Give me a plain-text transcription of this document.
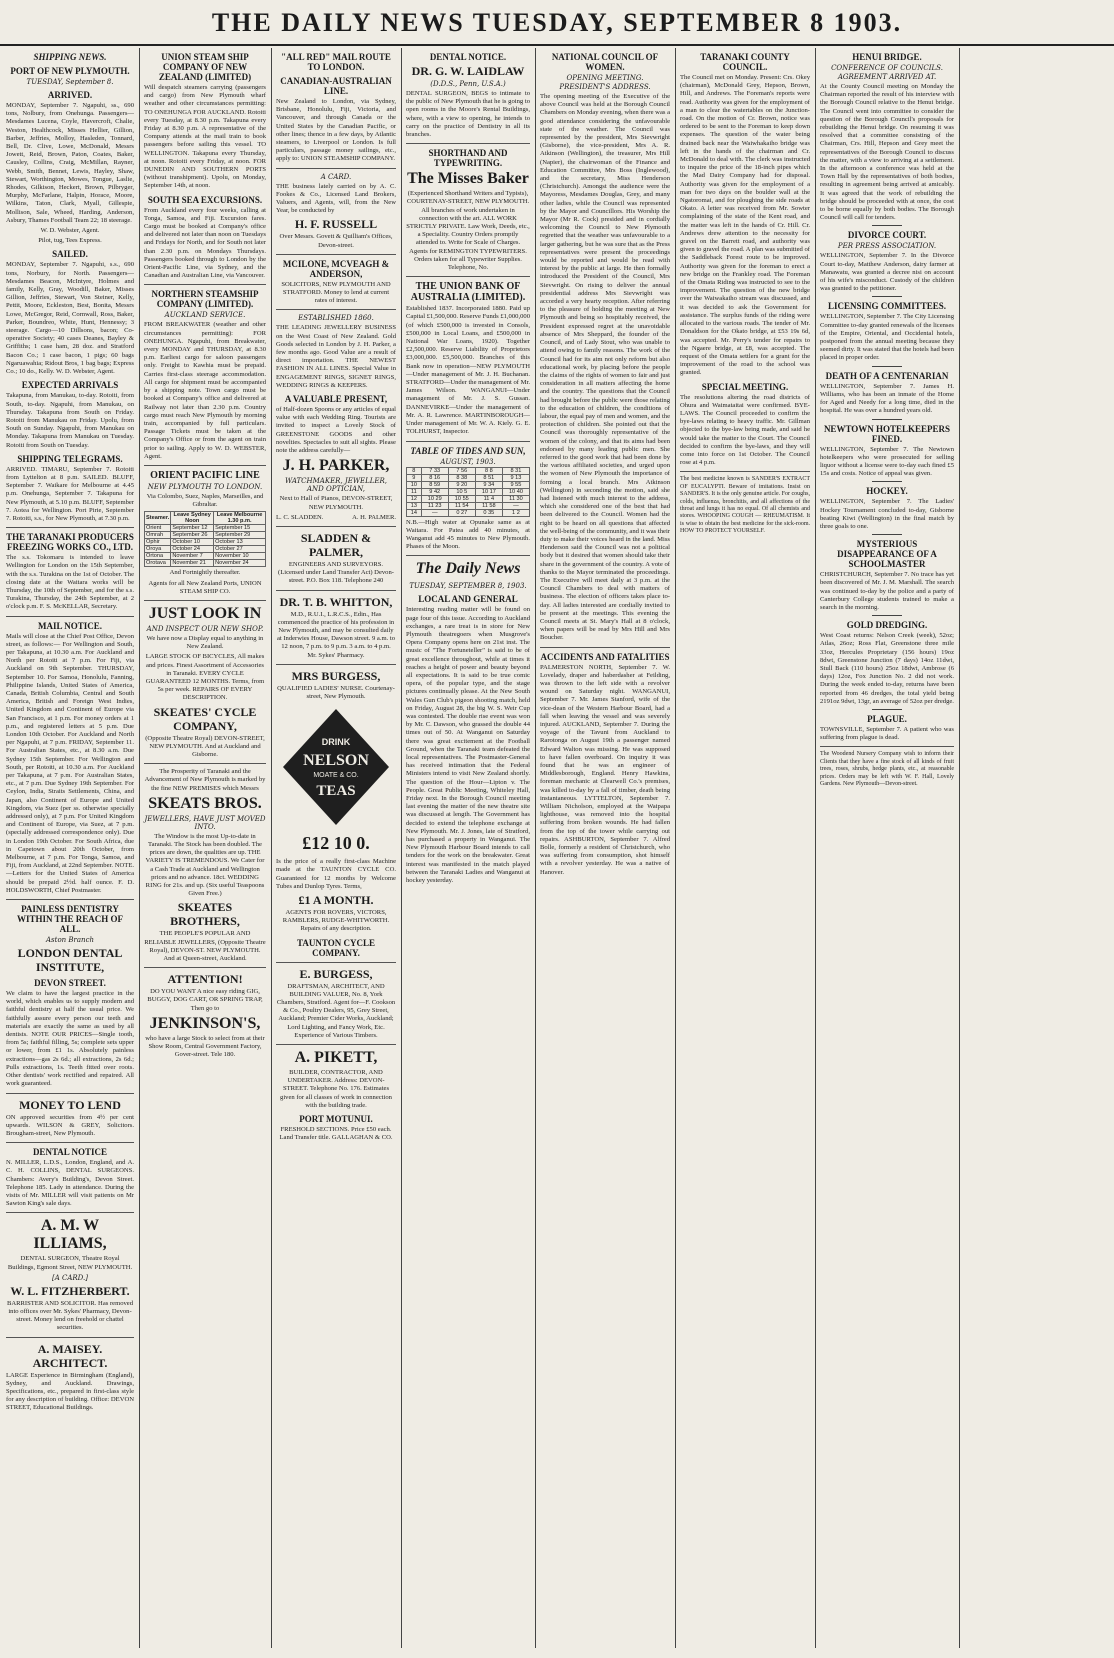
THE DAILY NEWS TUESDAY, SEPTEMBER 8 1903.
SHIPPING NEWS.
PORT OF NEW PLYMOUTH.
TUESDAY, September 8.
ARRIVED.
MONDAY, September 7. Ngapuhi, ss., 690 tons, Nolbury, from Onehunga. Passengers—Mesdames Lucena, Coyle, Havercroft, Chalie, Weston, Healthcock, Misses Hellier, Gillion, Barber, Jeffries, Molloy, Hasleden, Tonnard, Bell, Dr. Clive, Lowe, McDonald, Messrs Jowett, Reid, Brown, Paton, Coates, Baker, Causley, Collins, Craig, McMillan, Rayner, Webb, Smith, Bennet, Lewis, Hayley, Shaw, Stewart, Worthington, Mowes, Tongue, Laslie, Rhodes, Gilkison, Heckert, Brown, Pilbryger, Murphy, McFarlane, Halpin, Horace, Moore, Wilkins, Taton, Clark, Myall, Gillespie, Mollison, Sale, Wheed, Harding, Anderson, Asbury, Thames Football Team 22; 18 steerage.
W. D. Webster, Agent.
Pilot, tug, Tees Express.
SAILED.
MONDAY, September 7. Ngapuhi, s.s., 690 tons, Norbury, for North. Passengers—Mesdames Beacon, McIntyre, Holmes and family, Kelly, Gray, Woodill, Baker, Misses Gillion, Jeffries, Stewart, Von Steiner, Kelly, Pettit, Moore, Eckleston, Best, Bonita, Messrs Lowe, McGregor, Reid, Cornwall, Ross, Baker, Parker, Boundreo, White, Hunt, Hennessy; 3 steerage. Cargo—10 Dillsons, bacon; Co-operative Society; 40 cases Deanes, Bayley & Griffiths; 1 case ham, 28 doz. and Stratford Bacon Co.; 1 case bacon, 1 pigs; 60 bags Ngaruawahia; Ridout Bros, 1 bag bags; Express Co.; 10 do., Kelly. W. D. Webster, Agent.
EXPECTED ARRIVALS
Takapuna, from Manukau, to-day. Rotoiti, from South, to-day. Ngapuhi, from Manukau, on Thursday. Takapuna from South on Friday. Rotoiti from Manukau on Friday. Upolu, from South on Sunday. Ngapuhi, from Manukau on Monday. Takapuna from Manukau on Tuesday. Rotoiti from South on Tuesday.
SHIPPING TELEGRAMS.
ARRIVED. TIMARU, September 7. Rotoiti from Lyttelton at 8 p.m. SAILED. BLUFF, September 7. Waikare for Melbourne at 4.45 p.m. Onehunga, September 7. Takapuna for New Plymouth, at 5.10 p.m. BLUFF, September 7. Aotea for Wellington. Port Pirie, September 7. Rotoiti, s.s., for New Plymouth, at 7.30 p.m.
THE TARANAKI PRODUCERS FREEZING WORKS CO., LTD.
The s.s. Tokomaru is intended to leave Wellington for London on the 15th September, with the s.s. Turakina on the 1st of October. The closing date at the Waitara works will be Thursday, the 10th of September, and for the s.s. Turakina, Thursday, the 24th September, at 2 o'clock p.m. F. S. McKELLAR, Secretary.
MAIL NOTICE.
Mails will close at the Chief Post Office, Devon street, as follows:— For Wellington and South, per Takapuna, at 10.30 a.m. For Auckland and North per Rotoiti at 7 p.m. For Fiji, via Auckland on 9th September. THURSDAY, September 10. For Samoa, Honolulu, Fanning, Philippine Islands, United States of America, Canada, British Columbia, Central and South America, British and Foreign West Indies, United Kingdom and Continent of Europe via San Francisco, at 1 p.m. For money orders at 1 p.m., and registered letters at 5 p.m. Due London 10th October. For Auckland and North per Ngapuhi, at 7 p.m. FRIDAY, September 11. For Australian States, etc., at 8.30 a.m. Due Sydney 15th September. For Wellington and South, per Rotoiti, at 10.30 a.m. For Auckland per Takapuna, at 7 p.m. For Australian States, etc., at 7 p.m. Due Sydney 19th September. For Ceylon, India, Straits Settlements, China, and Japan, also Continent of Europe and United Kingdom, via Suez (per ss. otherwise specially addressed only), at 7 p.m. For United Kingdom and Continent of Europe, via Suez, at 7 p.m. (specially addressed correspondence only). Due in London 19th October. For South Africa, due in Capetown about 20th October, from Melbourne, at 7 p.m. For Tonga, Samoa, and Fiji, from Auckland, at 22nd September. NOTE.—Letters for the United States of America should be prepaid 2½d. half ounce. F. D. HOLDSWORTH, Chief Postmaster.
PAINLESS DENTISTRY WITHIN THE REACH OF ALL.
Aston Branch
LONDON DENTAL INSTITUTE,
DEVON STREET.
We claim to have the largest practice in the world, which enables us to supply modern and faithful dentistry at half the usual price. We faithfully assure every person our teeth and materials are exactly the same as used by all dentists. NOTE OUR PRICES—Single tooth, from 5s; faithful filling, 5s; complete sets upper or lower, from £1 1s. Absolutely painless extractions—gas 2s 6d.; all extractions, 2s 6d.; Pulls extractions, 1s. Teeth fitted over roots. Other dentists' work rectified and repaired. All work guaranteed.
MONEY TO LEND
ON approved securities from 4½ per cent upwards. WILSON & GREY, Solicitors. Brougham-street, New Plymouth.
DENTAL NOTICE
N. MILLER, L.D.S., London, England, and A. C. H. COLLINS, DENTAL SURGEONS. Chambers: Avery's Building's, Devon Street. Telephone 185. Lady in attendance. During the visits of Mr. MILLER will visit patients on Mr Sawton King's sale days.
A. M. W ILLIAMS,
DENTAL SURGEON, Theatre Royal Buildings, Egmont Street, NEW PLYMOUTH.
[A CARD.]
W. L. FITZHERBERT.
BARRISTER AND SOLICITOR. Has removed into offices over Mr. Sykes' Pharmacy, Devon-street. Money lend on freehold or chattel securities.
A. MAISEY. ARCHITECT.
LARGE Experience in Birmingham (England), Sydney, and Auckland. Drawings, Specifications, etc., prepared in first-class style for any description of building. Office: DEVON STREET, Educational Buildings.
UNION STEAM SHIP COMPANY OF NEW ZEALAND (LIMITED)
Will despatch steamers carrying (passengers and cargo) from New Plymouth wharf weather and other circumstances permitting: TO ONEHUNGA FOR AUCKLAND. Rotoiti every Tuesday, at 8.30 p.m. Takapuna every Friday at 8.30 p.m. A representative of the Company attends at the mail train to book passengers before sailing this vessel. TO WELLINGTON. Takapuna every Thursday, at noon. Rotoiti every Friday, at noon. FOR DUNEDIN AND SOUTHERN PORTS (without transhipment). Upolu, on Monday, September 14th, at noon.
SOUTH SEA EXCURSIONS.
From Auckland every four weeks, calling at Tonga, Samoa, and Fiji. Excursion fares. Cargo must be booked at Company's office and delivered not later than noon on Tuesdays and Fridays for North, and for South not later than 2.30 p.m. on Mondays Thursdays. Passengers booked through to London by the Orient-Pacific Line, via Sydney, and the Canadian and Australian Line, via Vancouver.
NORTHERN STEAMSHIP COMPANY (LIMITED).
AUCKLAND SERVICE.
FROM BREAKWATER (weather and other circumstances permitting): FOR ONEHUNGA. Ngapuhi, from Breakwater, every MONDAY and THURSDAY, at 8.30 p.m. Earliest cargo for saloon passengers only. Freight to Kawhia must be prepaid. Carries first-class steerage accommodation. All cargo for shipment must be accompanied by a shipping note. Town cargo must be booked at Company's office and delivered at Railway not later than 2.30 p.m. Country cargo must reach New Plymouth by morning train, accompanied by full particulars. Passage Tickets must be taken at the Company's Office or from the agent on train prior to sailing. Apply to W. D. WEBSTER, Agent.
ORIENT PACIFIC LINE
NEW PLYMOUTH TO LONDON.
Via Colombo, Suez, Naples, Marseilles, and Gibraltar.
Steamer.	Leave Sydney Noon	Leave Melbourne 1.30 p.m.
Orient	September 12	September 15
Omrah	September 26	September 29
Ophir	October 10	October 13
Oroya	October 24	October 27
Ortona	November 7	November 10
Orotava	November 21	November 24
And Fortnightly thereafter.
Agents for all New Zealand Ports, UNION STEAM SHIP CO.
JUST LOOK IN
AND INSPECT OUR NEW SHOP.
We have now a Display equal to anything in New Zealand.
LARGE STOCK OF BICYCLES, All makes and prices. Finest Assortment of Accessories in Taranaki. EVERY CYCLE GUARANTEED 12 MONTHS. Terms, from 5s per week. REPAIRS OF EVERY DESCRIPTION.
SKEATES' CYCLE COMPANY,
(Opposite Theatre Royal) DEVON-STREET, NEW PLYMOUTH. And at Auckland and Gisborne.
The Prosperity of Taranaki and the Advancement of New Plymouth is marked by the fine NEW PREMISES which Messrs
SKEATS BROS.
JEWELLERS, HAVE JUST MOVED INTO.
The Window is the most Up-to-date in Taranaki. The Stock has been doubled. The prices are down, the qualities are up. THE VARIETY IS TREMENDOUS. We Cater for a Cash Trade at Auckland and Wellington prices and no advance. 18ct. WEDDING RING for 21s. and up. (Six useful Teaspoons Given Free.)
SKEATES BROTHERS,
THE PEOPLE'S POPULAR AND RELIABLE JEWELLERS, (Opposite Theatre Royal), DEVON-ST. NEW PLYMOUTH. And at Queen-street, Auckland.
ATTENTION!
DO YOU WANT A nice easy riding GIG, BUGGY, DOG CART, OR SPRING TRAP, Then go to
JENKINSON'S,
who have a large Stock to select from at their Show Room, Central Government Factory, Gover-street. Tele 180.
"ALL RED" MAIL ROUTE TO LONDON.
CANADIAN-AUSTRALIAN LINE.
New Zealand to London, via Sydney, Brisbane, Honolulu, Fiji, Victoria, and Vancouver, and through Canada or the United States by the Canadian Pacific, or other lines; thence in a few days, by Atlantic steamers, to Liverpool or London. Is full particulars, passage money sailings, etc., apply to: UNION STEAMSHIP COMPANY.
A CARD.
THE business lately carried on by A. C. Fookes & Co., Licensed Land Brokers, Valuers, and Agents, will, from the New Year, be conducted by
H. F. RUSSELL
Over Messrs. Govett & Quilliam's Offices, Devon-street.
MCILONE, MCVEAGH & ANDERSON,
SOLICITORS, NEW PLYMOUTH AND STRATFORD. Money to lend at current rates of interest.
ESTABLISHED 1860.
THE LEADING JEWELLERY BUSINESS on the West Coast of New Zealand. Gold Goods selected in London by J. H. Parker, a few months ago. Good Value are a result of direct importation. THE NEWEST FASHION IN ALL LINES. Special Value in ENGAGEMENT RINGS, SIGNET RINGS, WEDDING RINGS & KEEPERS.
A VALUABLE PRESENT,
of Half-dozen Spoons or any articles of equal value with each Wedding Ring. Tourists are invited to inspect a Lovely Stock of GREENSTONE GOODS and other novelties. Spectacles to suit all sights. Please note the address carefully—
J. H. PARKER,
WATCHMAKER, JEWELLER, AND OPTICIAN,
Next to Hall of Pianos, DEVON-STREET, NEW PLYMOUTH.
L. C. SLADDEN.	A. H. PALMER.
SLADDEN & PALMER,
ENGINEERS AND SURVEYORS. (Licensed under Land Transfer Act) Devon-street. P.O. Box 118. Telephone 240
DR. T. B. WHITTON,
M.D., R.U.I., L.R.C.S., Edin., Has commenced the practice of his profession in New Plymouth, and may be consulted daily at Inderwies House, Dawson street. 9 a.m. to 12 noon, 7 p.m. to 9 p.m. 3 a.m. to 4 p.m. Mr. Sykes' Pharmacy.
MRS BURGESS,
QUALIFIED LADIES' NURSE. Courtenay-street, New Plymouth.
DRINK
NELSON
MOATE & CO.
TEAS
£12 10 0.
Is the price of a really first-class Machine made at the TAUNTON CYCLE CO. Guaranteed for 12 months by Welcome Tubes and Dunlop Tyres. Terms,
£1 A MONTH.
AGENTS FOR ROVERS, VICTORS, RAMBLERS, RUDGE-WHITWORTH. Repairs of any description.
TAUNTON CYCLE COMPANY.
E. BURGESS,
DRAFTSMAN, ARCHITECT, AND BUILDING VALUER, No. 8, York Chambers, Stratford. Agent for—F. Cookson & Co., Poultry Dealers, 95, Grey Street, Auckland; Premier Cider Works, Auckland; Lord Lighting, and Fancy Work, Etc. Experience of Various Timbers.
A. PIKETT,
BUILDER, CONTRACTOR, AND UNDERTAKER. Address: DEVON-STREET. Telephone No. 176. Estimates given for all classes of work in connection with the building trade.
PORT MOTUNUI.
FRESHOLD SECTIONS. Price £50 each. Land Transfer title. GALLAGHAN & CO.
DENTAL NOTICE.
DR. G. W. LAIDLAW
(D.D.S., Penn, U.S.A.)
DENTAL SURGEON, BEGS to intimate to the public of New Plymouth that he is going to open rooms in the Moore's Rental Buildings, where, with a view to opening, he intends to carry on the practice of Dentistry in all its branches.
SHORTHAND AND TYPEWRITING.
The Misses Baker
(Experienced Shorthand Writers and Typists), COURTENAY-STREET, NEW PLYMOUTH. All branches of work undertaken in connection with the art. ALL WORK STRICTLY PRIVATE. Law Work, Deeds, etc., a Speciality. Country Orders promptly attended to. Write for Scale of Charges. Agents for REMINGTON TYPEWRITERS. Orders taken for all Typewriter Supplies. Telephone, No.
THE UNION BANK OF AUSTRALIA (LIMITED).
Established 1837. Incorporated 1880. Paid up Capital £1,500,000. Reserve Funds £1,000,000 (of which £500,000 is invested in Consols, £500,000 in Local Loans, and £500,000 in National War Loans, 1920). Together £2,500,000. Reserve Liability of Proprietors £3,000,000. £5,500,000. Branches of this Bank now in operation—NEW PLYMOUTH—Under management of Mr. J. H. Buchanan. STRATFORD—Under the management of Mr. James Wilson. WANGANUI—Under management of Mr. J. S. Gussan. DANNEVIRKE—Under the management of Mr. A. R. Lawrence. MARTINBOROUGH—Under management of Mr. W. A. Kiely. G. E. TOLHURST, Inspector.
TABLE OF TIDES AND SUN,
AUGUST, 1903.
8	7 33	7 56	8 8	8 31
9	8 16	8 38	8 51	9 13
10	8 59	9 20	9 34	9 55
11	9 42	10 5	10 17	10 40
12	10 29	10 55	11 4	11 30
13	11 23	11 54	11 58	—
14	—	0 27	0 35	1 2
N.B.—High water at Opunake same as at Waitara. For Patea add 40 minutes, at Wanganui add 45 minutes to New Plymouth. Phases of the Moon.
The Daily News
TUESDAY, SEPTEMBER 8, 1903.
LOCAL AND GENERAL
Interesting reading matter will be found on page four of this issue. According to Auckland exchanges, a rare treat is in store for New Plymouth theatregoers when Musgrove's Opera Company opens here on 21st inst. The music of "The Fortuneteller" is said to be of great excellence throughout, while at times it reaches a height of power and beauty beyond all expectations. It is said to be true comic opera, of the popular type, and the stage pictures continually please. At the New South Wales Gun Club's pigeon shooting match, held on Friday, August 28, the big W. S. Weir Cup was contested. The double rise event was won by Mr. C. Dawson, who grassed the double 44 times out of 50. At Wanganui on Saturday there was great excitement at the Football Ground, when the Taranaki team defeated the local representatives. The Postmaster-General has received intimation that the Federal Ministers intend to visit New Zealand shortly. The question of the Hour—Lipton v. The People. Great Public Meeting, Whiteley Hall, Friday next. In the Borough Council meeting last evening the matter of the new theatre site was discussed at length. The Government has decided to extend the telephone exchange at New Plymouth. Mr. J. Jones, late of Stratford, has purchased a property in Wanganui. The New Plymouth Harbour Board intends to call tenders for the work on the breakwater. Great interest was manifested in the match played between the Taranaki Ladies and Wanganui at hockey yesterday.
NATIONAL COUNCIL OF WOMEN.
OPENING MEETING.
PRESIDENT'S ADDRESS.
The opening meeting of the Executive of the above Council was held at the Borough Council Chambers on Monday evening, when there was a good attendance considering the unfavourable state of the weather. The Council was represented by the president, Mrs Sievwright (Gisborne), the vice-president, Mrs A. R. Atkinson (Wellington), the treasurer, Mrs Hill (Napier), the chairwoman of the Finance and Education Committee, Mrs Boss (Inglewood), and the secretary, Miss Henderson (Christchurch). Amongst the audience were the Mayoress, Mesdames Douglas, Grey, and many other ladies, while the Council was represented by the Mayor and Councillors. His Worship the Mayor (Mr R. Cock) presided and in cordially welcoming the Council to New Plymouth regretted that the weather was unfavourable to a larger gathering, but he was sure that as the Press representatives were present the proceedings would be reported and would be read with interest by the public at large. He then formally introduced the President of the Council, Mrs Sievwright. On rising to deliver the annual presidential address Mrs Sievwright was accorded a very hearty reception. After referring to the pleasure of holding the meeting at New Plymouth and being so hospitably received, the President expressed regret at the unavoidable absence of Mrs Sheppard, the founder of the Council, and of Lady Stout, who was unable to attend owing to family reasons. The work of the Council had for its aim not only reform but also educational work, by placing before the people the claims of the rights of women to fair and just consideration in all matters affecting the home and the country. The questions that the Council had brought before the public were those relating to the education of children, the conditions of labour, the equal pay of men and women, and the protection of children. She pointed out that the Council was thoroughly representative of the women of the colony, and that its aims had been endorsed by many leading public men. She referred to the good work that had been done by the various affiliated societies, and urged upon the women of New Plymouth the importance of forming a local branch. Mrs Atkinson (Wellington) in seconding the motion, said she had listened with much interest to the address, which she considered one of the best that had been delivered to the Council. Women had the right to be heard on all questions that affected the well-being of the community, and it was their duty to make their voices heard in the land. Miss Henderson said the Council was not a political body but it desired that women should take their share in the government of the country. A vote of thanks to the Mayor terminated the proceedings. The Executive will meet daily at 3 p.m. at the Council Chambers to deal with matters of business. The election of officers takes place to-day. All ladies interested are cordially invited to be present at the meetings. This evening the Council meets at St. Mary's Hall at 8 o'clock, when papers will be read by Mrs Hill and Mrs Boucher.
ACCIDENTS AND FATALITIES
PALMERSTON NORTH, September 7. W. Lovelady, draper and haberdasher at Feilding, was thrown to the left side with a revolver wound on Saturday night. WANGANUI, September 7. Mr. James Stanford, wife of the vice-dean of the Western Harbour Board, had a fall when leaving the vessel and was severely injured. AUCKLAND, September 7. During the voyage of the Tavuni from Auckland to Rarotonga on August 19th a passenger named Edward Walton was missing. He was supposed to have fallen overboard. On inquiry it was found that he was an engineer of Middlesborough, England. Henry Hawkins, foreman mechanic at Clearwell Co.'s premises, was killed to-day by a fall of timber, death being instantaneous. LYTTELTON, September 7. William Nicholson, employed at the Waipapa lighthouse, was removed into the hospital suffering from broken wounds. He had fallen from the top of the tower while carrying out repairs. ASHBURTON, September 7. Alfred Bolle, formerly a resident of Christchurch, who was suffering from consumption, shot himself with a revolver yesterday. He was a native of Hanover.
TARANAKI COUNTY COUNCIL.
The Council met on Monday. Present: Crs. Okey (chairman), McDonald Grey, Hepson, Brown, Hill, and Andrews. The Foreman's reports were read. Authority was given for the employment of a man to clear the watertables on the Junction-road. On the motion of Cr. Brown, notice was ordered to be sent to the Foreman to keep down expenses. The question of the water being drained back near the Waiwhakaiho bridge was left in the hands of the chairman and Cr. McDonald to deal with. The clerk was instructed to inquire the price of the 18-inch pipes which the Mad Dairy Company had for disposal. Authority was given for the employment of a man for two days on the boulder wall at the Ngatoromai, and for ploughing the side roads at Okato. A letter was received from Mr. Sowter complaining of the state of the Kent road, and the matter was left in the hands of Cr. Hill. Cr. Andrews drew attention to the necessity for gravel on the Barrett road, and authority was given to gravel the road. A plan was submitted of the Saddleback Forest route to be improved. Authority was given for the foreman to erect a new bridge on the Frankley road. The Foreman of the Omata Riding was instructed to see to the improvement. The question of the new bridge over the Waiwakaiho stream was discussed, and it was decided to ask the Government for assistance. The surplus funds of the riding were allocated to the various roads. The tender of Mr. Donaldson for the Okato bridge, at £53 19s 6d, was accepted. Mr. Perry's tender for repairs to the Ngaere bridge, at £8, was accepted. The request of the Omata settlers for a grant for the improvement of the road to the school was granted.
SPECIAL MEETING.
The resolutions altering the road districts of Ohura and Waimataitai were confirmed. BYE-LAWS. The Council proceeded to confirm the bye-laws relating to heavy traffic. Mr. Gillman objected to the bye-law being made, and said he would take the matter to the Court. The Council decided to confirm the bye-laws, and they will come into force on 1st October. The Council rose at 4 p.m.
The best medicine known is SANDER'S EXTRACT OF EUCALYPTI. Beware of imitations. Insist on SANDER'S. It is the only genuine article. For coughs, colds, influenza, bronchitis, and all affections of the throat and lungs it has no equal. Of all chemists and stores. WHOOPING COUGH — RHEUMATISM. It is wise to obtain the best medicine for the sick-room. HOW TO PROTECT YOURSELF.
HENUI BRIDGE.
CONFERENCE OF COUNCILS.
AGREEMENT ARRIVED AT.
At the County Council meeting on Monday the Chairman reported the result of his interview with the Borough Council relative to the Henui bridge. The Council went into committee to consider the question of the Borough Council's proposals for rebuilding the Henui bridge. On resuming it was resolved that a committee consisting of the Chairman, Crs. Hill, Hepson and Grey meet the representatives of the Borough Council to discuss the matter, with a view to arriving at a settlement. In the afternoon a conference was held at the Town Hall by the representatives of both bodies, resulting in agreement being arrived at amicably. It was agreed that the work of rebuilding the bridge should be proceeded with at once, the cost to be borne equally by both bodies. The Borough Council will call for tenders.
DIVORCE COURT.
PER PRESS ASSOCIATION.
WELLINGTON, September 7. In the Divorce Court to-day, Matthew Anderson, dairy farmer at Manawatu, was granted a decree nisi on account of his wife's misconduct. Custody of the children was granted to the petitioner.
LICENSING COMMITTEES.
WELLINGTON, September 7. The City Licensing Committee to-day granted renewals of the licenses of the Empire, Oriental, and Occidental hotels, postponed from the annual meeting because they seemed dirty. It was stated that the hotels had been placed in proper order.
DEATH OF A CENTENARIAN
WELLINGTON, September 7. James H. Williams, who has been an inmate of the Home for Aged and Needy for a long time, died in the hospital. He was over a hundred years old.
NEWTOWN HOTELKEEPERS FINED.
WELLINGTON, September 7. The Newtown hotelkeepers who were prosecuted for selling liquor without a license were to-day each fined £5 15s and costs. Notice of appeal was given.
HOCKEY.
WELLINGTON, September 7. The Ladies' Hockey Tournament concluded to-day, Gisborne beating Kiwi (Wellington) in the final match by three goals to one.
MYSTERIOUS DISAPPEARANCE OF A SCHOOLMASTER
CHRISTCHURCH, September 7. No trace has yet been discovered of Mr. J. M. Marshall. The search was continued to-day by the police and a party of Canterbury College students trained to make a search in the morning.
GOLD DREDGING.
West Coast returns: Nelson Creek (week), 52oz; Atlas, 26oz; Ross Flat, Greenstone three mile 33oz, Hercules Proprietary (156 hours) 19oz 8dwt, Greenstone Junction (7 days) 14oz 11dwt, Stull Back (110 hours) 25oz 18dwt, Ambrose (6 days) 12oz, Fox Junction No. 2 did not work. During the week ended to-day, returns have been reported from 46 dredges, the total yield being 2191oz 9dwt, 13gr, an average of 52oz per dredge.
PLAGUE.
TOWNSVILLE, September 7. A patient who was suffering from plague is dead.
The Woodend Nursery Company wish to inform their Clients that they have a fine stock of all kinds of fruit trees, roses, shrubs, hedge plants, etc., at reasonable prices. Orders may be left with W. F. Hall, Lovely Gardens. New Plymouth—Devon-street.
